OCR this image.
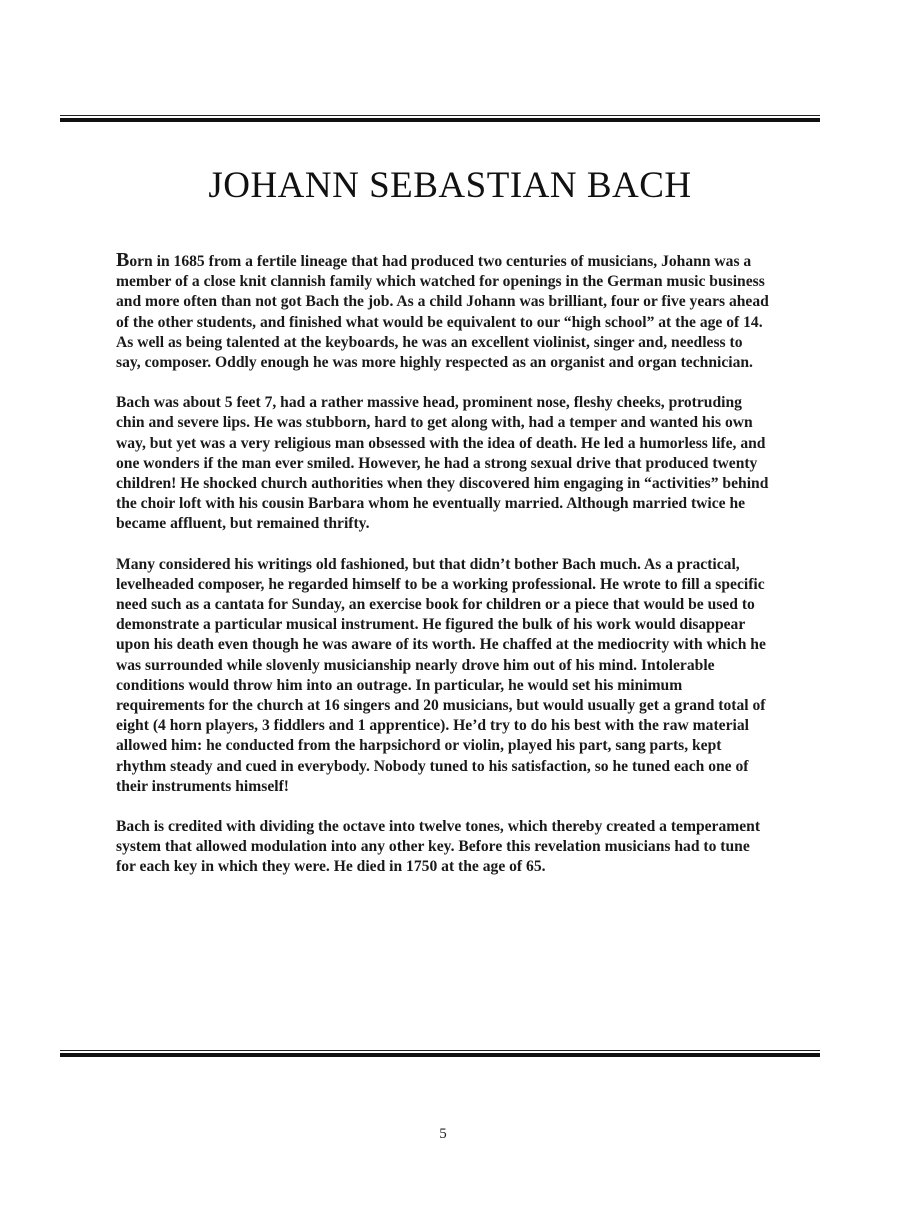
JOHANN SEBASTIAN BACH

Born in 1685 from a fertile lineage that had produced two centuries of musicians, Johann was a member of a close knit clannish family which watched for openings in the German music business and more often than not got Bach the job. As a child Johann was brilliant, four or five years ahead of the other students, and finished what would be equivalent to our “high school” at the age of 14. As well as being talented at the keyboards, he was an excellent violinist, singer and, needless to say, composer. Oddly enough he was more highly respected as an organist and organ technician.

Bach was about 5 feet 7, had a rather massive head, prominent nose, fleshy cheeks, protruding chin and severe lips. He was stubborn, hard to get along with, had a temper and wanted his own way, but yet was a very religious man obsessed with the idea of death. He led a humorless life, and one wonders if the man ever smiled. However, he had a strong sexual drive that produced twenty children! He shocked church authorities when they discovered him engaging in “activities” behind the choir loft with his cousin Barbara whom he eventually married. Although married twice he became affluent, but remained thrifty.

Many considered his writings old fashioned, but that didn’t bother Bach much. As a practical, levelheaded composer, he regarded himself to be a working professional. He wrote to fill a specific need such as a cantata for Sunday, an exercise book for children or a piece that would be used to demonstrate a particular musical instrument. He figured the bulk of his work would disappear upon his death even though he was aware of its worth. He chaffed at the mediocrity with which he was surrounded while slovenly musicianship nearly drove him out of his mind. Intolerable conditions would throw him into an outrage. In particular, he would set his minimum requirements for the church at 16 singers and 20 musicians, but would usually get a grand total of eight (4 horn players, 3 fiddlers and 1 apprentice). He’d try to do his best with the raw material allowed him: he conducted from the harpsichord or violin, played his part, sang parts, kept rhythm steady and cued in everybody. Nobody tuned to his satisfaction, so he tuned each one of their instruments himself!

Bach is credited with dividing the octave into twelve tones, which thereby created a temperament system that allowed modulation into any other key. Before this revelation musicians had to tune for each key in which they were. He died in 1750 at the age of 65.

5
